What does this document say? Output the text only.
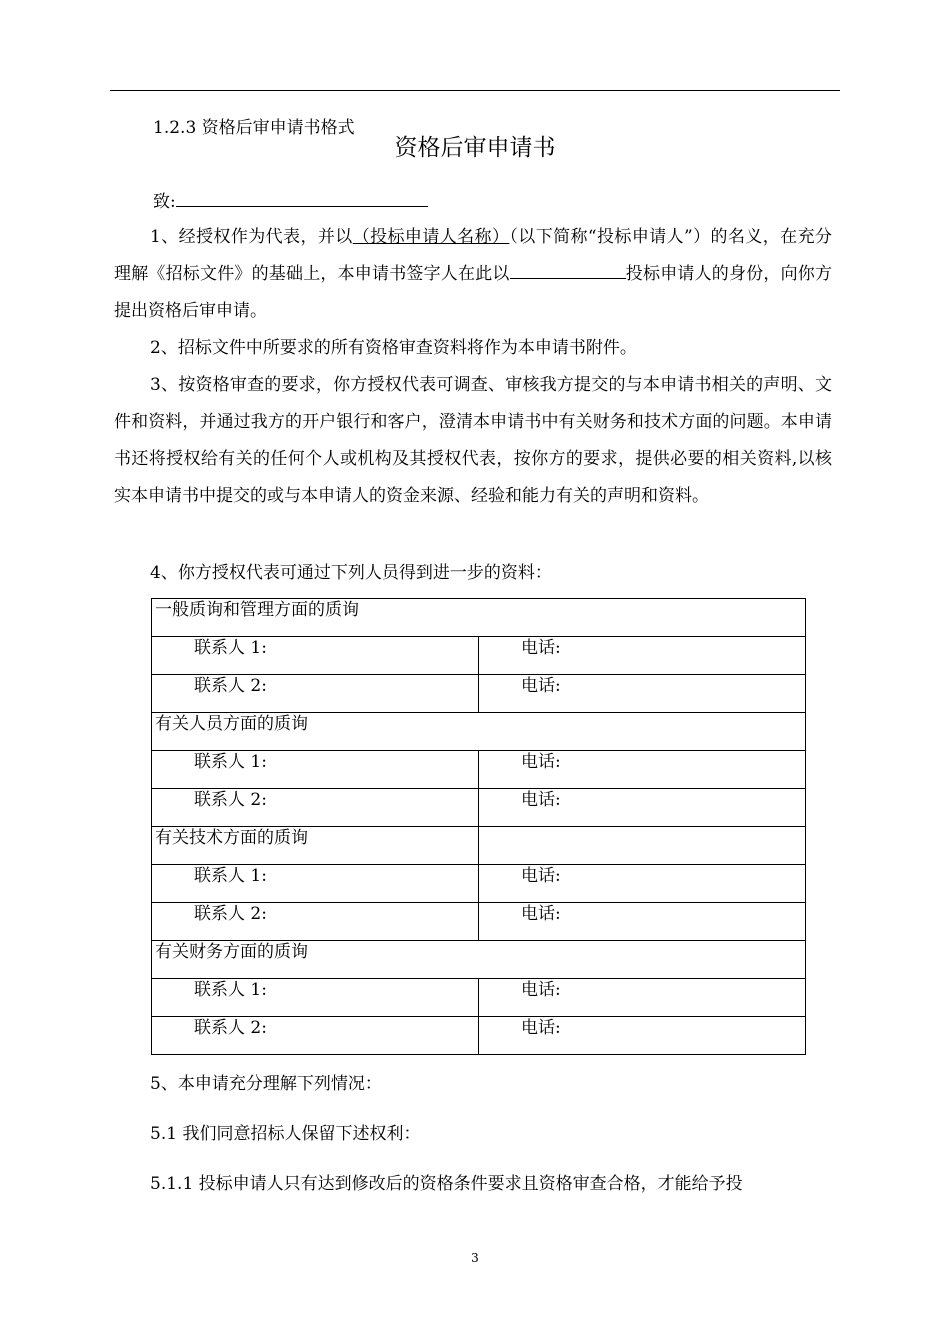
1.2.3 资格后审申请书格式
资格后审申请书
致:
1、经授权作为代表，并以（投标申请人名称）（以下简称“投标申请人”）的名义，在充分理解《招标文件》的基础上，本申请书签字人在此以	投标申请人的身份，向你方提出资格后审申请。
2、招标文件中所要求的所有资格审查资料将作为本申请书附件。
3、按资格审查的要求，你方授权代表可调查、审核我方提交的与本申请书相关的声明、文件和资料，并通过我方的开户银行和客户，澄清本申请书中有关财务和技术方面的问题。本申请书还将授权给有关的任何个人或机构及其授权代表，按你方的要求，提供必要的相关资料,以核实本申请书中提交的或与本申请人的资金来源、经验和能力有关的声明和资料。
4、你方授权代表可通过下列人员得到进一步的资料：
一般质询和管理方面的质询	
联系人 1:	电话:
联系人 2:	电话:
有关人员方面的质询	
联系人 1:	电话:
联系人 2:	电话:
有关技术方面的质询	
联系人 1:	电话:
联系人 2:	电话:
有关财务方面的质询	
联系人 1:	电话:
联系人 2:	电话:
5、本申请充分理解下列情况：
5.1 我们同意招标人保留下述权利：
5.1.1 投标申请人只有达到修改后的资格条件要求且资格审查合格，才能给予投
3
